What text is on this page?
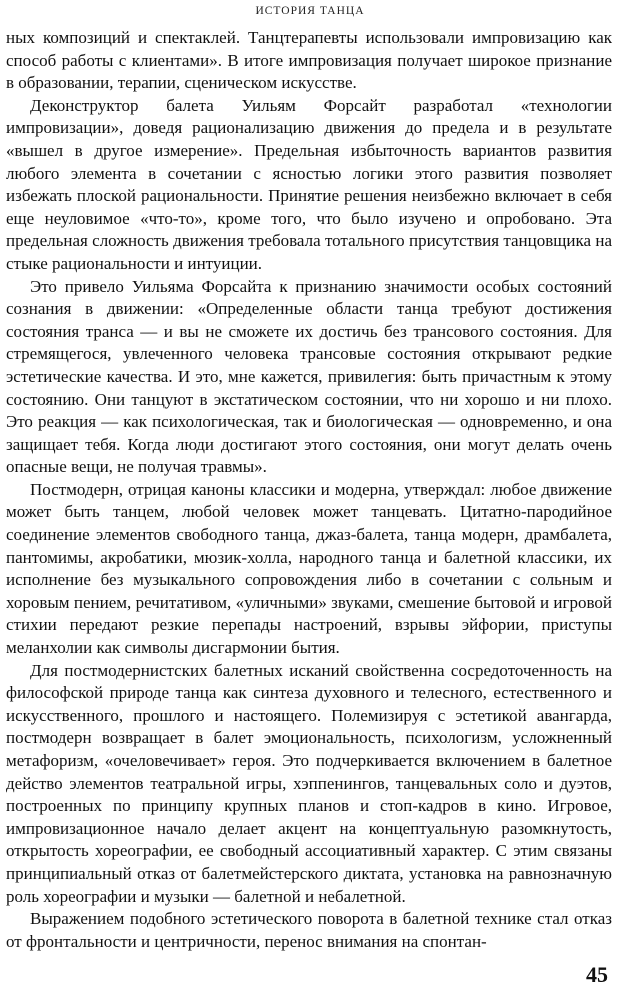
ИСТОРИЯ ТАНЦА

ных композиций и спектаклей. Танцтерапевты использовали импровизацию как способ работы с клиентами». В итоге импровизация получает широкое признание в образовании, терапии, сценическом искусстве.

Деконструктор балета Уильям Форсайт разработал «технологии импровизации», доведя рационализацию движения до предела и в результате «вышел в другое измерение». Предельная избыточность вариантов развития любого элемента в сочетании с ясностью логики этого развития позволяет избежать плоской рациональности. Принятие решения неизбежно включает в себя еще неуловимое «что-то», кроме того, что было изучено и опробовано. Эта предельная сложность движения требовала тотального присутствия танцовщика на стыке рациональности и интуиции.

Это привело Уильяма Форсайта к признанию значимости особых состояний сознания в движении: «Определенные области танца требуют достижения состояния транса — и вы не сможете их достичь без трансового состояния. Для стремящегося, увлеченного человека трансовые состояния открывают редкие эстетические качества. И это, мне кажется, привилегия: быть причастным к этому состоянию. Они танцуют в экстатическом состоянии, что ни хорошо и ни плохо. Это реакция — как психологическая, так и биологическая — одновременно, и она защищает тебя. Когда люди достигают этого состояния, они могут делать очень опасные вещи, не получая травмы».

Постмодерн, отрицая каноны классики и модерна, утверждал: любое движение может быть танцем, любой человек может танцевать. Цитатно-пародийное соединение элементов свободного танца, джаз-балета, танца модерн, драмбалета, пантомимы, акробатики, мюзик-холла, народного танца и балетной классики, их исполнение без музыкального сопровождения либо в сочетании с сольным и хоровым пением, речитативом, «уличными» звуками, смешение бытовой и игровой стихии передают резкие перепады настроений, взрывы эйфории, приступы меланхолии как символы дисгармонии бытия.

Для постмодернистских балетных исканий свойственна сосредоточенность на философской природе танца как синтеза духовного и телесного, естественного и искусственного, прошлого и настоящего. Полемизируя с эстетикой авангарда, постмодерн возвращает в балет эмоциональность, психологизм, усложненный метафоризм, «очеловечивает» героя. Это подчеркивается включением в балетное действо элементов театральной игры, хэппенингов, танцевальных соло и дуэтов, построенных по принципу крупных планов и стоп-кадров в кино. Игровое, импровизационное начало делает акцент на концептуальную разомкнутость, открытость хореографии, ее свободный ассоциативный характер. С этим связаны принципиальный отказ от балетмейстерского диктата, установка на равнозначную роль хореографии и музыки — балетной и небалетной.

Выражением подобного эстетического поворота в балетной технике стал отказ от фронтальности и центричности, перенос внимания на спонтан-

45
